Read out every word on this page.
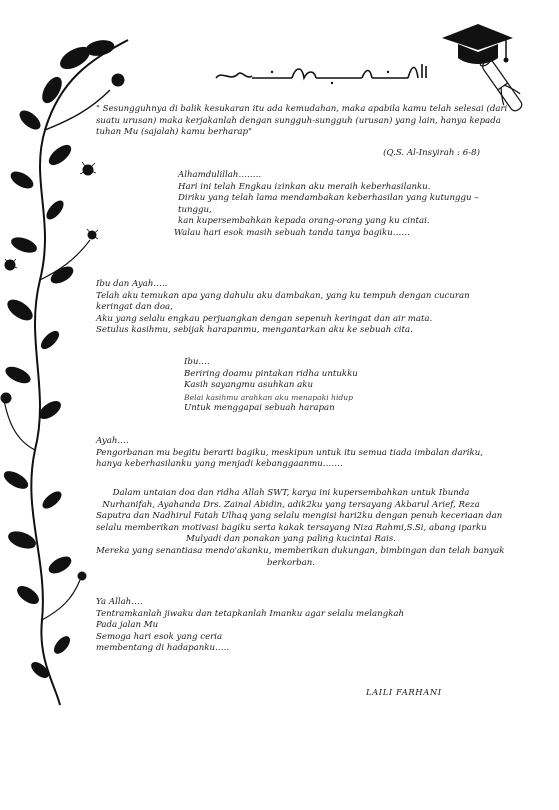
" Sesungguhnya di balik kesukaran itu ada kemudahan, maka apabila kamu telah selesai (dari
suatu urusan) maka kerjakanlah dengan sungguh-sungguh (urusan) yang lain, hanya kepada
tuhan Mu (sajalah) kamu berharap"
(Q.S. Al-Insyirah : 6-8)
Alhamdulillah……..
Hari ini telah Engkau izinkan aku meraih keberhasilanku.
Diriku yang telah lama mendambakan keberhasilan yang kutunggu –
tunggu,
kan kupersembahkan kepada orang-orang yang ku cintai.
Walau hari esok masih sebuah tanda tanya bagiku……
Ibu dan Ayah…..
Telah aku temukan apa yang dahulu aku dambakan, yang ku tempuh dengan cucuran
keringat dan doa,
Aku yang selalu engkau perjuangkan dengan sepenuh keringat dan air mata.
Setulus kasihmu, sebijak harapanmu, mengantarkan aku ke sebuah cita.
Ibu….
Beriring doamu pintakan ridha untukku
Kasih sayangmu asuhkan aku
Belai kasihmu arahkan aku menapaki hidup
Untuk menggapai sebuah harapan
Ayah….
Pengorbanan mu begitu berarti bagiku, meskipun untuk itu semua tiada imbalan dariku,
hanya keberhasilanku yang menjadi kebanggaanmu…….
Dalam untaian doa dan ridha Allah SWT, karya ini kupersembahkan untuk Ibunda
Nurhanifah, Ayahanda Drs. Zainal Abidin, adik2ku yang tersayang Akbarul Arief, Reza
Saputra dan Nadhirul Fatah Ulhaq yang selalu mengisi hari2ku dengan penuh keceriaan dan
selalu memberikan motivasi bagiku serta kakak tersayang Niza Rahmi,S.Si, abang iparku
Mulyadi dan ponakan yang paling kucintai Rais.
Mereka yang senantiasa mendo'akanku, memberikan dukungan, bimbingan dan telah banyak
berkorban.
Ya Allah….
Tentramkanlah jiwaku dan tetapkanlah Imanku agar selalu melangkah
Pada jalan Mu
Semoga hari esok yang ceria
membentang di hadapanku…..
LAILI FARHANI
